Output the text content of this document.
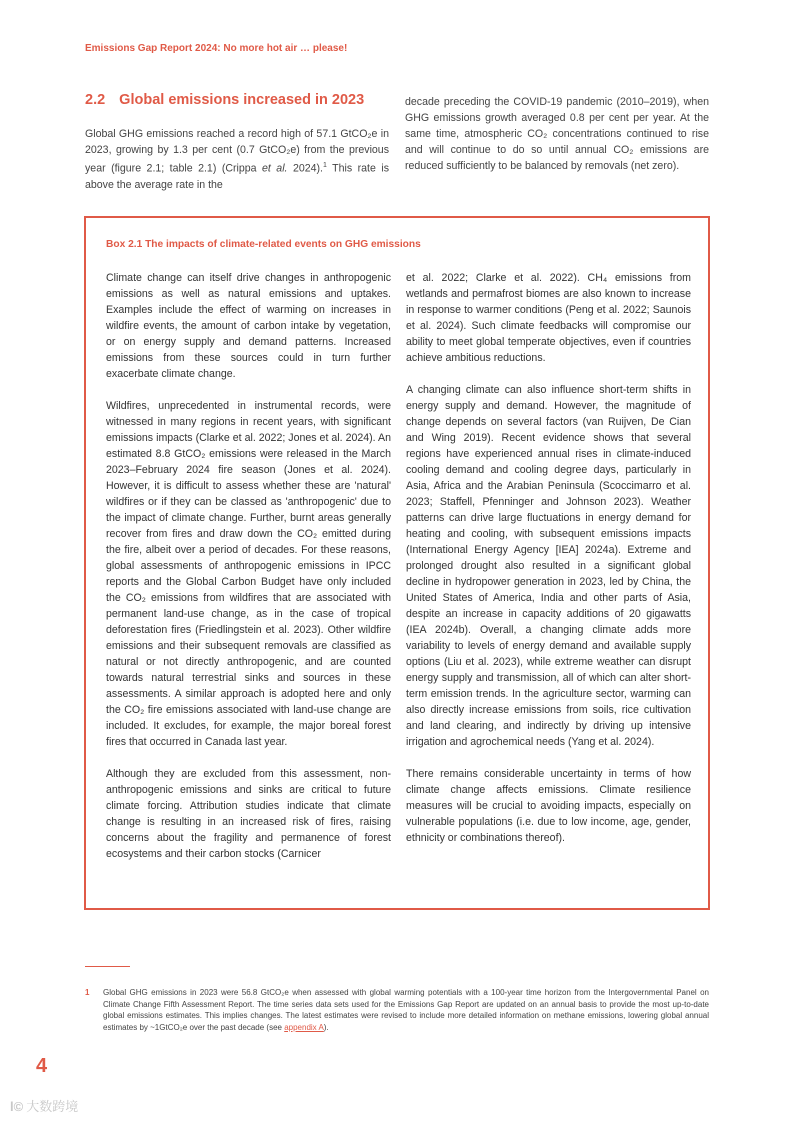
Emissions Gap Report 2024: No more hot air … please!
2.2 Global emissions increased in 2023

Global GHG emissions reached a record high of 57.1 GtCO₂e in 2023, growing by 1.3 per cent (0.7 GtCO₂e) from the previous year (figure 2.1; table 2.1) (Crippa et al. 2024).$^1$ This rate is above the average rate in the

decade preceding the COVID-19 pandemic (2010–2019), when GHG emissions growth averaged 0.8 per cent per year. At the same time, atmospheric CO₂ concentrations continued to rise and will continue to do so until annual CO₂ emissions are reduced sufficiently to be balanced by removals (net zero).

Box 2.1 The impacts of climate-related events on GHG emissions

Climate change can itself drive changes in anthropogenic emissions as well as natural emissions and uptakes. Examples include the effect of warming on increases in wildfire events, the amount of carbon intake by vegetation, or on energy supply and demand patterns. Increased emissions from these sources could in turn further exacerbate climate change.

Wildfires, unprecedented in instrumental records, were witnessed in many regions in recent years, with significant emissions impacts (Clarke et al. 2022; Jones et al. 2024). An estimated 8.8 GtCO₂ emissions were released in the March 2023–February 2024 fire season (Jones et al. 2024). However, it is difficult to assess whether these are 'natural' wildfires or if they can be classed as 'anthropogenic' due to the impact of climate change. Further, burnt areas generally recover from fires and draw down the CO₂ emitted during the fire, albeit over a period of decades. For these reasons, global assessments of anthropogenic emissions in IPCC reports and the Global Carbon Budget have only included the CO₂ emissions from wildfires that are associated with permanent land-use change, as in the case of tropical deforestation fires (Friedlingstein et al. 2023). Other wildfire emissions and their subsequent removals are classified as natural or not directly anthropogenic, and are counted towards natural terrestrial sinks and sources in these assessments. A similar approach is adopted here and only the CO₂ fire emissions associated with land-use change are included. It excludes, for example, the major boreal forest fires that occurred in Canada last year.

Although they are excluded from this assessment, non-anthropogenic emissions and sinks are critical to future climate forcing. Attribution studies indicate that climate change is resulting in an increased risk of fires, raising concerns about the fragility and permanence of forest ecosystems and their carbon stocks (Carnicer

et al. 2022; Clarke et al. 2022). CH₄ emissions from wetlands and permafrost biomes are also known to increase in response to warmer conditions (Peng et al. 2022; Saunois et al. 2024). Such climate feedbacks will compromise our ability to meet global temperate objectives, even if countries achieve ambitious reductions.

A changing climate can also influence short-term shifts in energy supply and demand. However, the magnitude of change depends on several factors (van Ruijven, De Cian and Wing 2019). Recent evidence shows that several regions have experienced annual rises in climate-induced cooling demand and cooling degree days, particularly in Asia, Africa and the Arabian Peninsula (Scoccimarro et al. 2023; Staffell, Pfenninger and Johnson 2023). Weather patterns can drive large fluctuations in energy demand for heating and cooling, with subsequent emissions impacts (International Energy Agency [IEA] 2024a). Extreme and prolonged drought also resulted in a significant global decline in hydropower generation in 2023, led by China, the United States of America, India and other parts of Asia, despite an increase in capacity additions of 20 gigawatts (IEA 2024b). Overall, a changing climate adds more variability to levels of energy demand and available supply options (Liu et al. 2023), while extreme weather can disrupt energy supply and transmission, all of which can alter short-term emission trends. In the agriculture sector, warming can also directly increase emissions from soils, rice cultivation and land clearing, and indirectly by driving up intensive irrigation and agrochemical needs (Yang et al. 2024).

There remains considerable uncertainty in terms of how climate change affects emissions. Climate resilience measures will be crucial to avoiding impacts, especially on vulnerable populations (i.e. due to low income, age, gender, ethnicity or combinations thereof).

1 Global GHG emissions in 2023 were 56.8 GtCO₂e when assessed with global warming potentials with a 100-year time horizon from the Intergovernmental Panel on Climate Change Fifth Assessment Report. The time series data sets used for the Emissions Gap Report are updated on an annual basis to provide the most up-to-date global emissions estimates. This implies changes. The latest estimates were revised to include more detailed information on methane emissions, lowering global annual estimates by ~1GtCO₂e over the past decade (see appendix A).
4
l© 大数跨境
